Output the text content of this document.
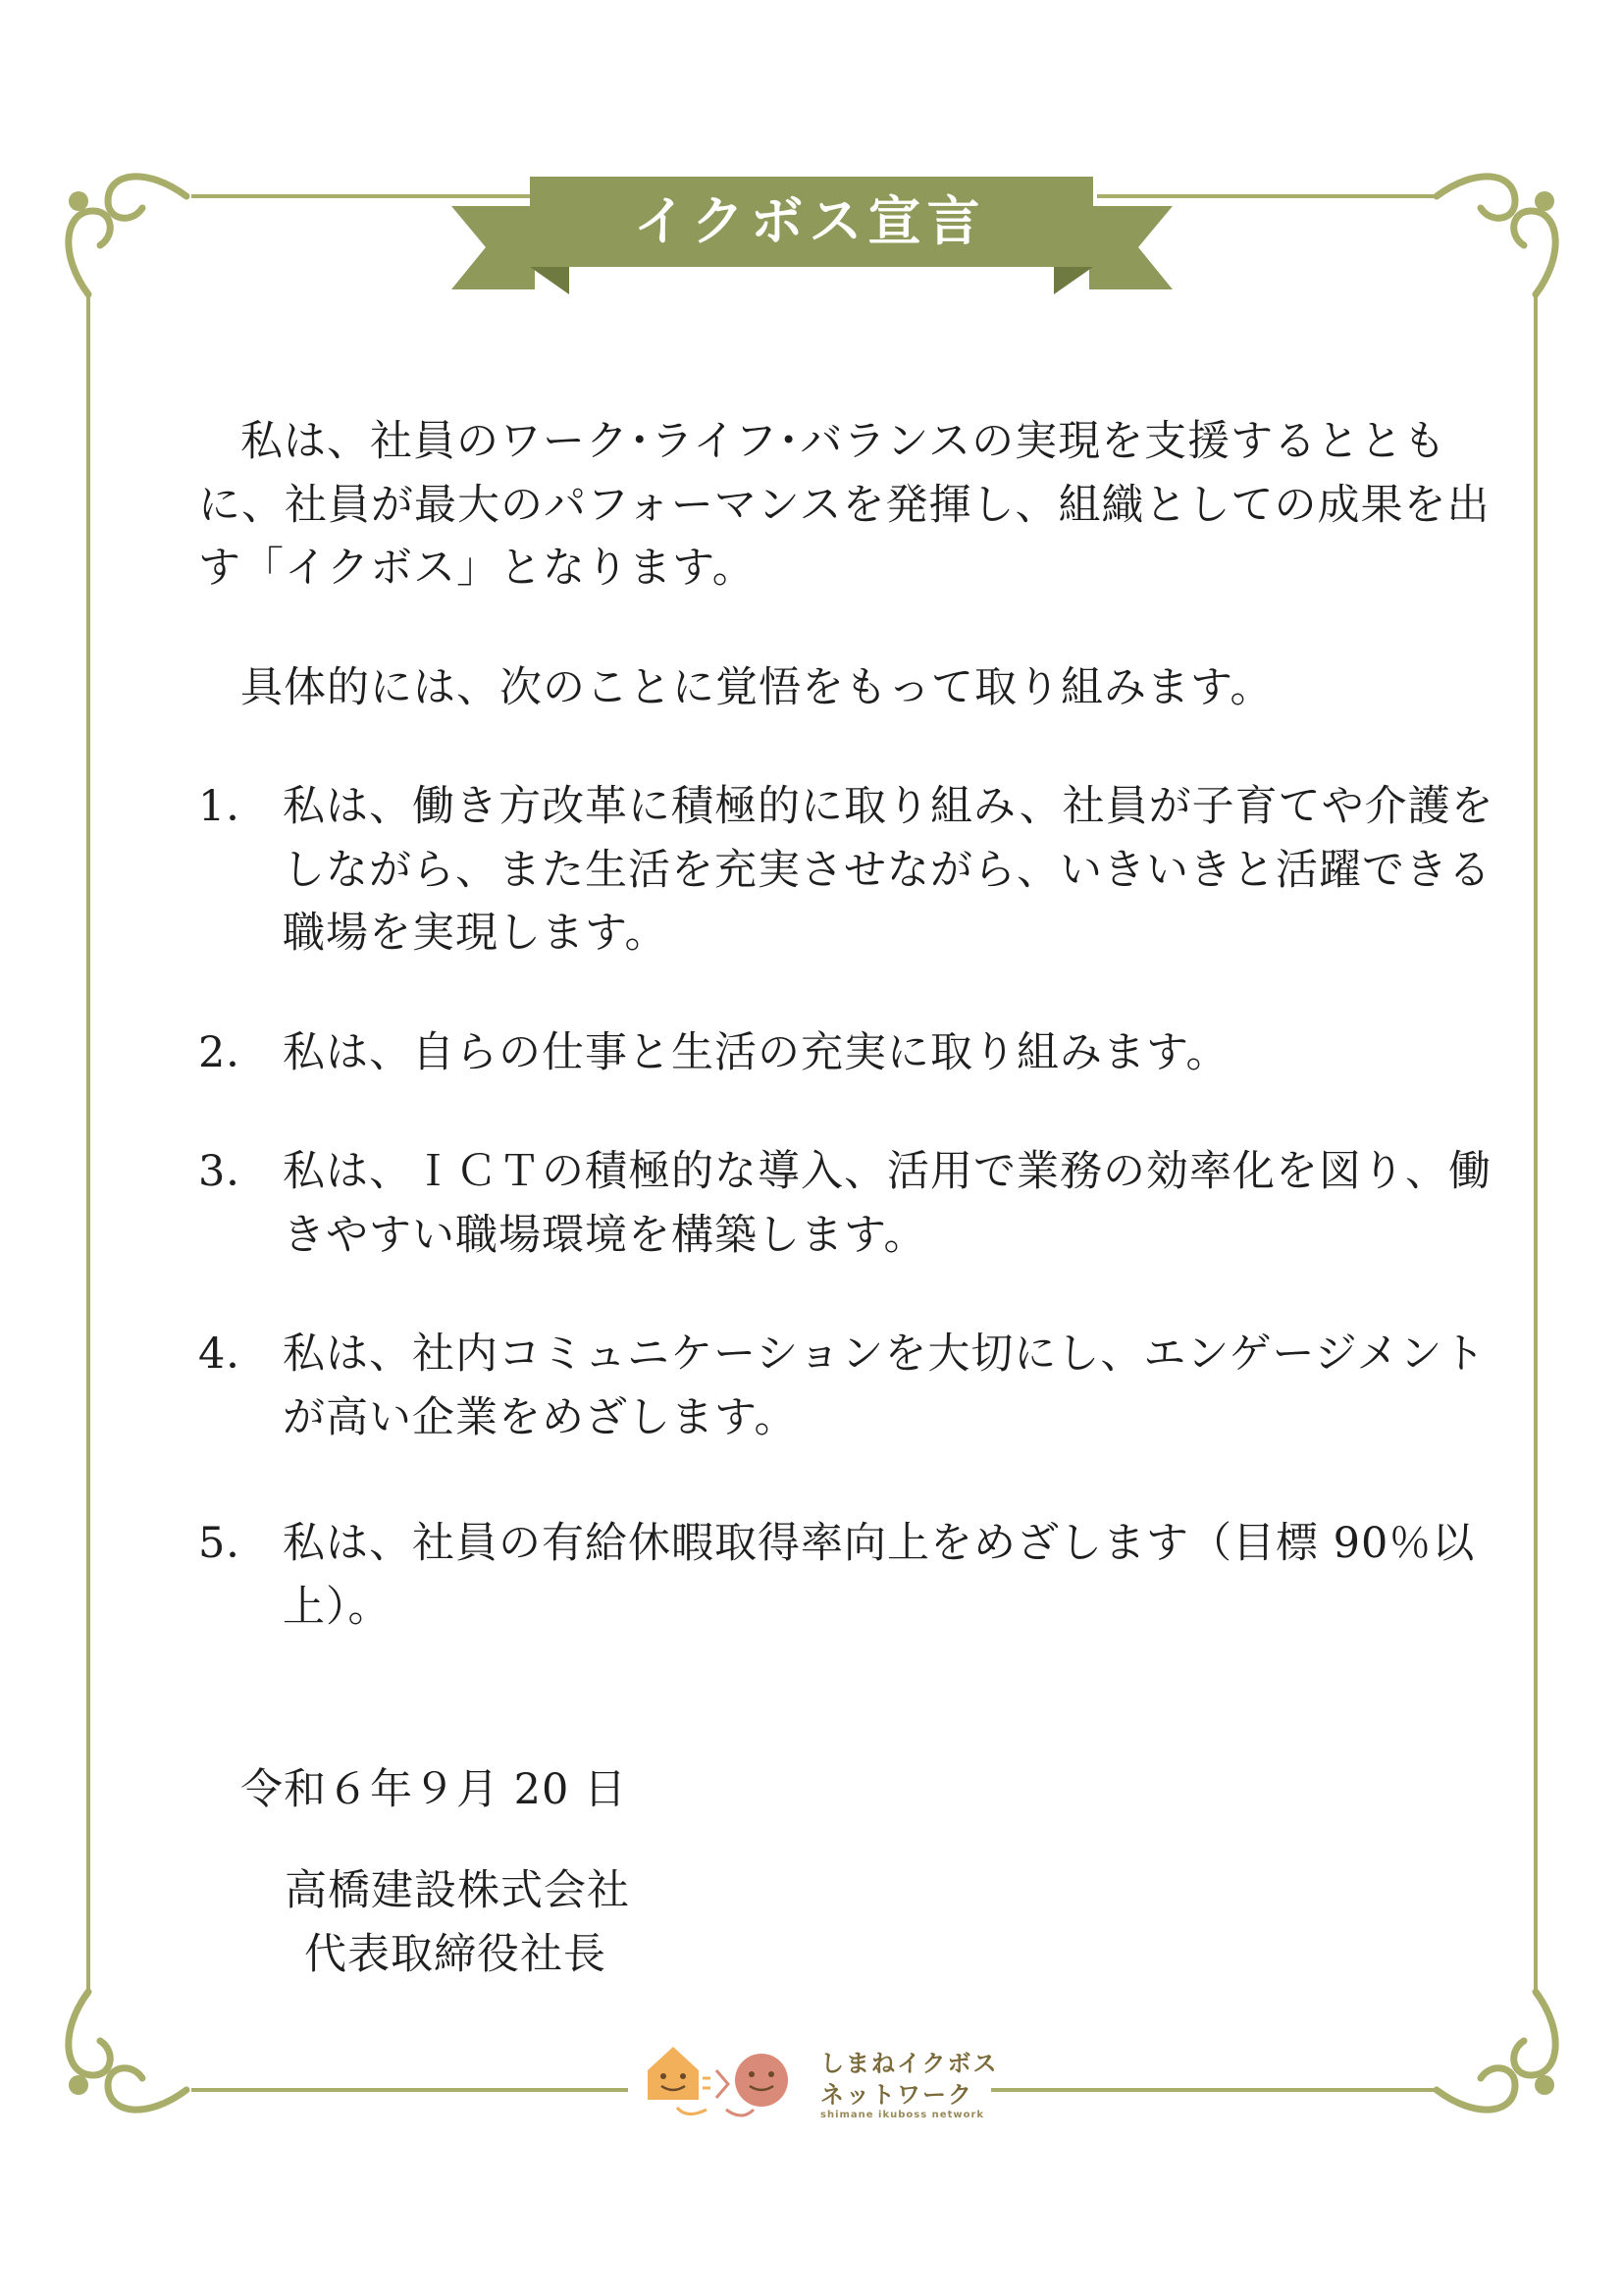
イクボス宣言

私は、社員のワーク･ライフ･バランスの実現を支援するとともに、社員が最大のパフォーマンスを発揮し、組織としての成果を出す「イクボス」となります。

具体的には、次のことに覚悟をもって取り組みます。

1． 私は、働き方改革に積極的に取り組み、社員が子育てや介護をしながら、また生活を充実させながら、いきいきと活躍できる職場を実現します。
2． 私は、自らの仕事と生活の充実に取り組みます。
3． 私は、ＩＣＴの積極的な導入、活用で業務の効率化を図り、働きやすい職場環境を構築します。
4． 私は、社内コミュニケーションを大切にし、エンゲージメントが高い企業をめざします。
5． 私は、社員の有給休暇取得率向上をめざします（目標 90％以上）。
令和６年９月 20 日
高橋建設株式会社
代表取締役社長
しまねイクボス
ネットワーク
shimane ikuboss network
